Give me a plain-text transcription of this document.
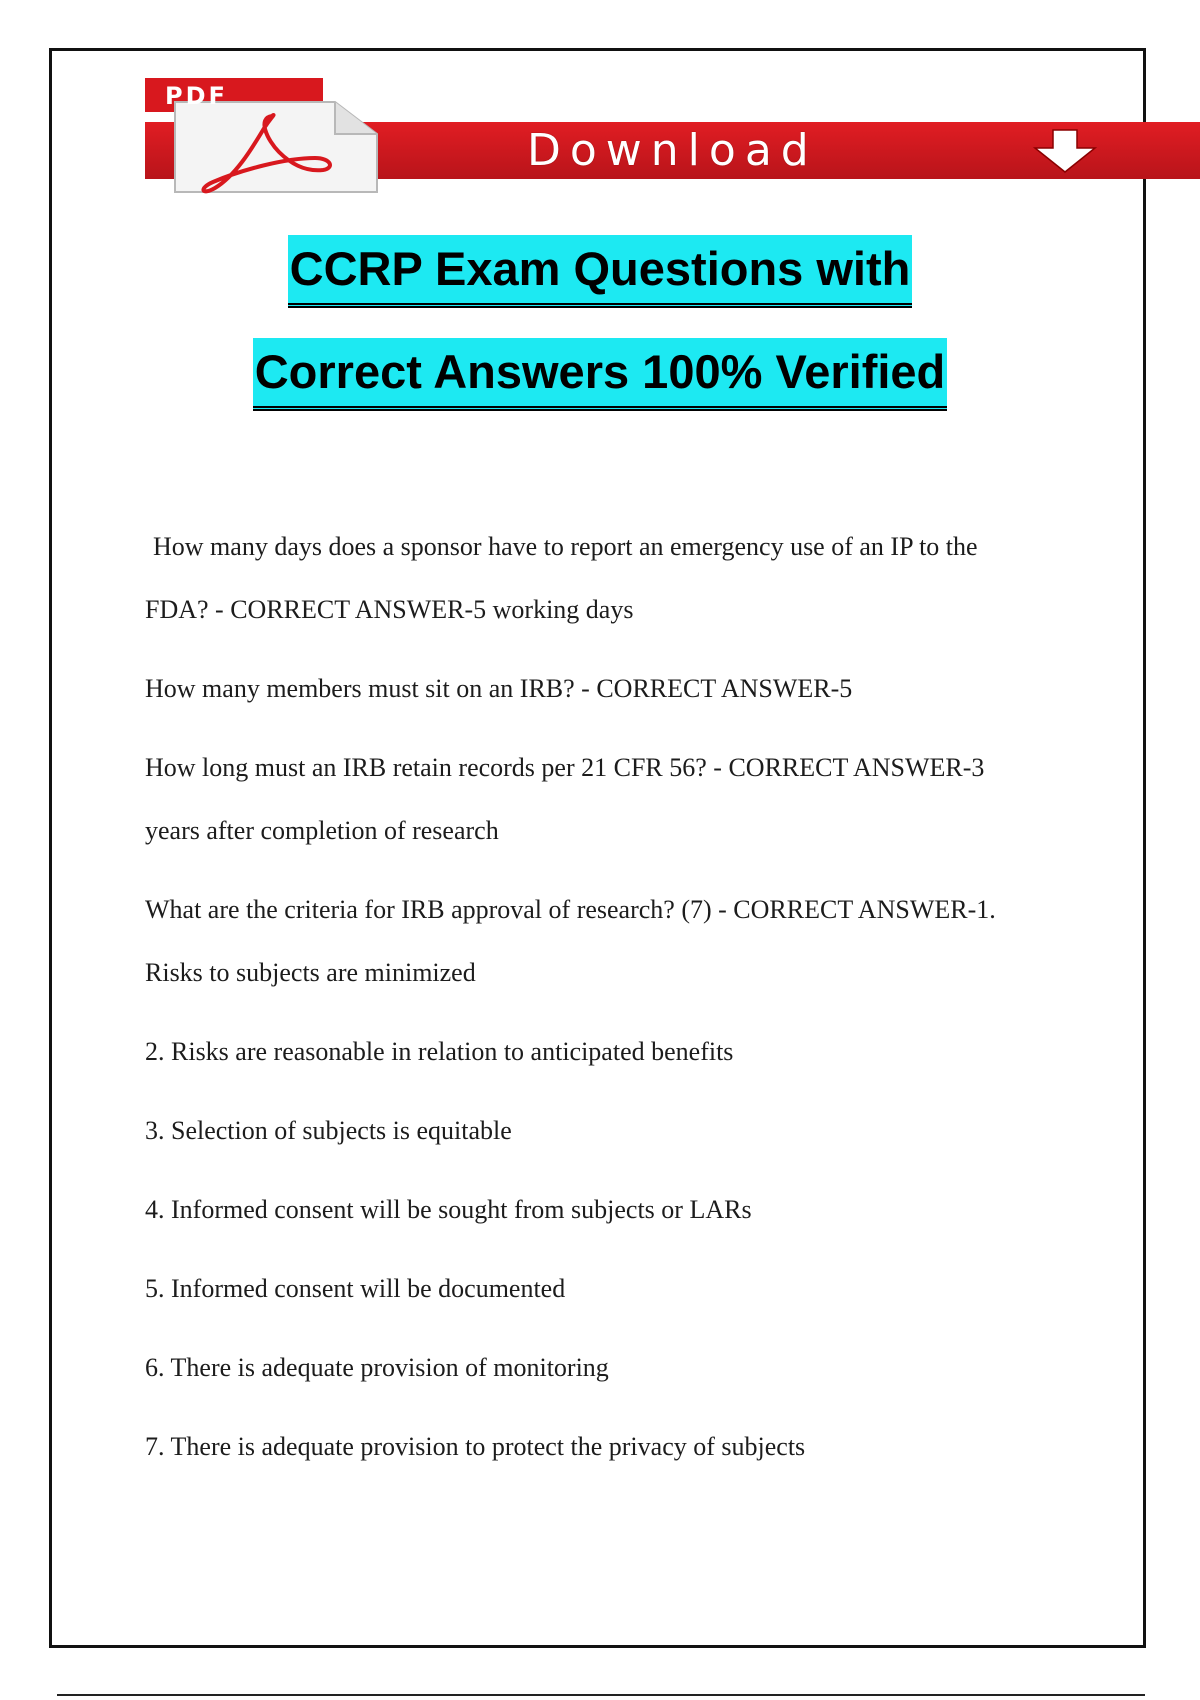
Download
PDF
CCRP Exam Questions with
Correct Answers 100% Verified

How many days does a sponsor have to report an emergency use of an IP to the FDA? - CORRECT ANSWER-5 working days

How many members must sit on an IRB? - CORRECT ANSWER-5

How long must an IRB retain records per 21 CFR 56? - CORRECT ANSWER-3 years after completion of research

What are the criteria for IRB approval of research? (7) - CORRECT ANSWER-1. Risks to subjects are minimized

2. Risks are reasonable in relation to anticipated benefits

3. Selection of subjects is equitable

4. Informed consent will be sought from subjects or LARs

5. Informed consent will be documented

6. There is adequate provision of monitoring

7. There is adequate provision to protect the privacy of subjects
